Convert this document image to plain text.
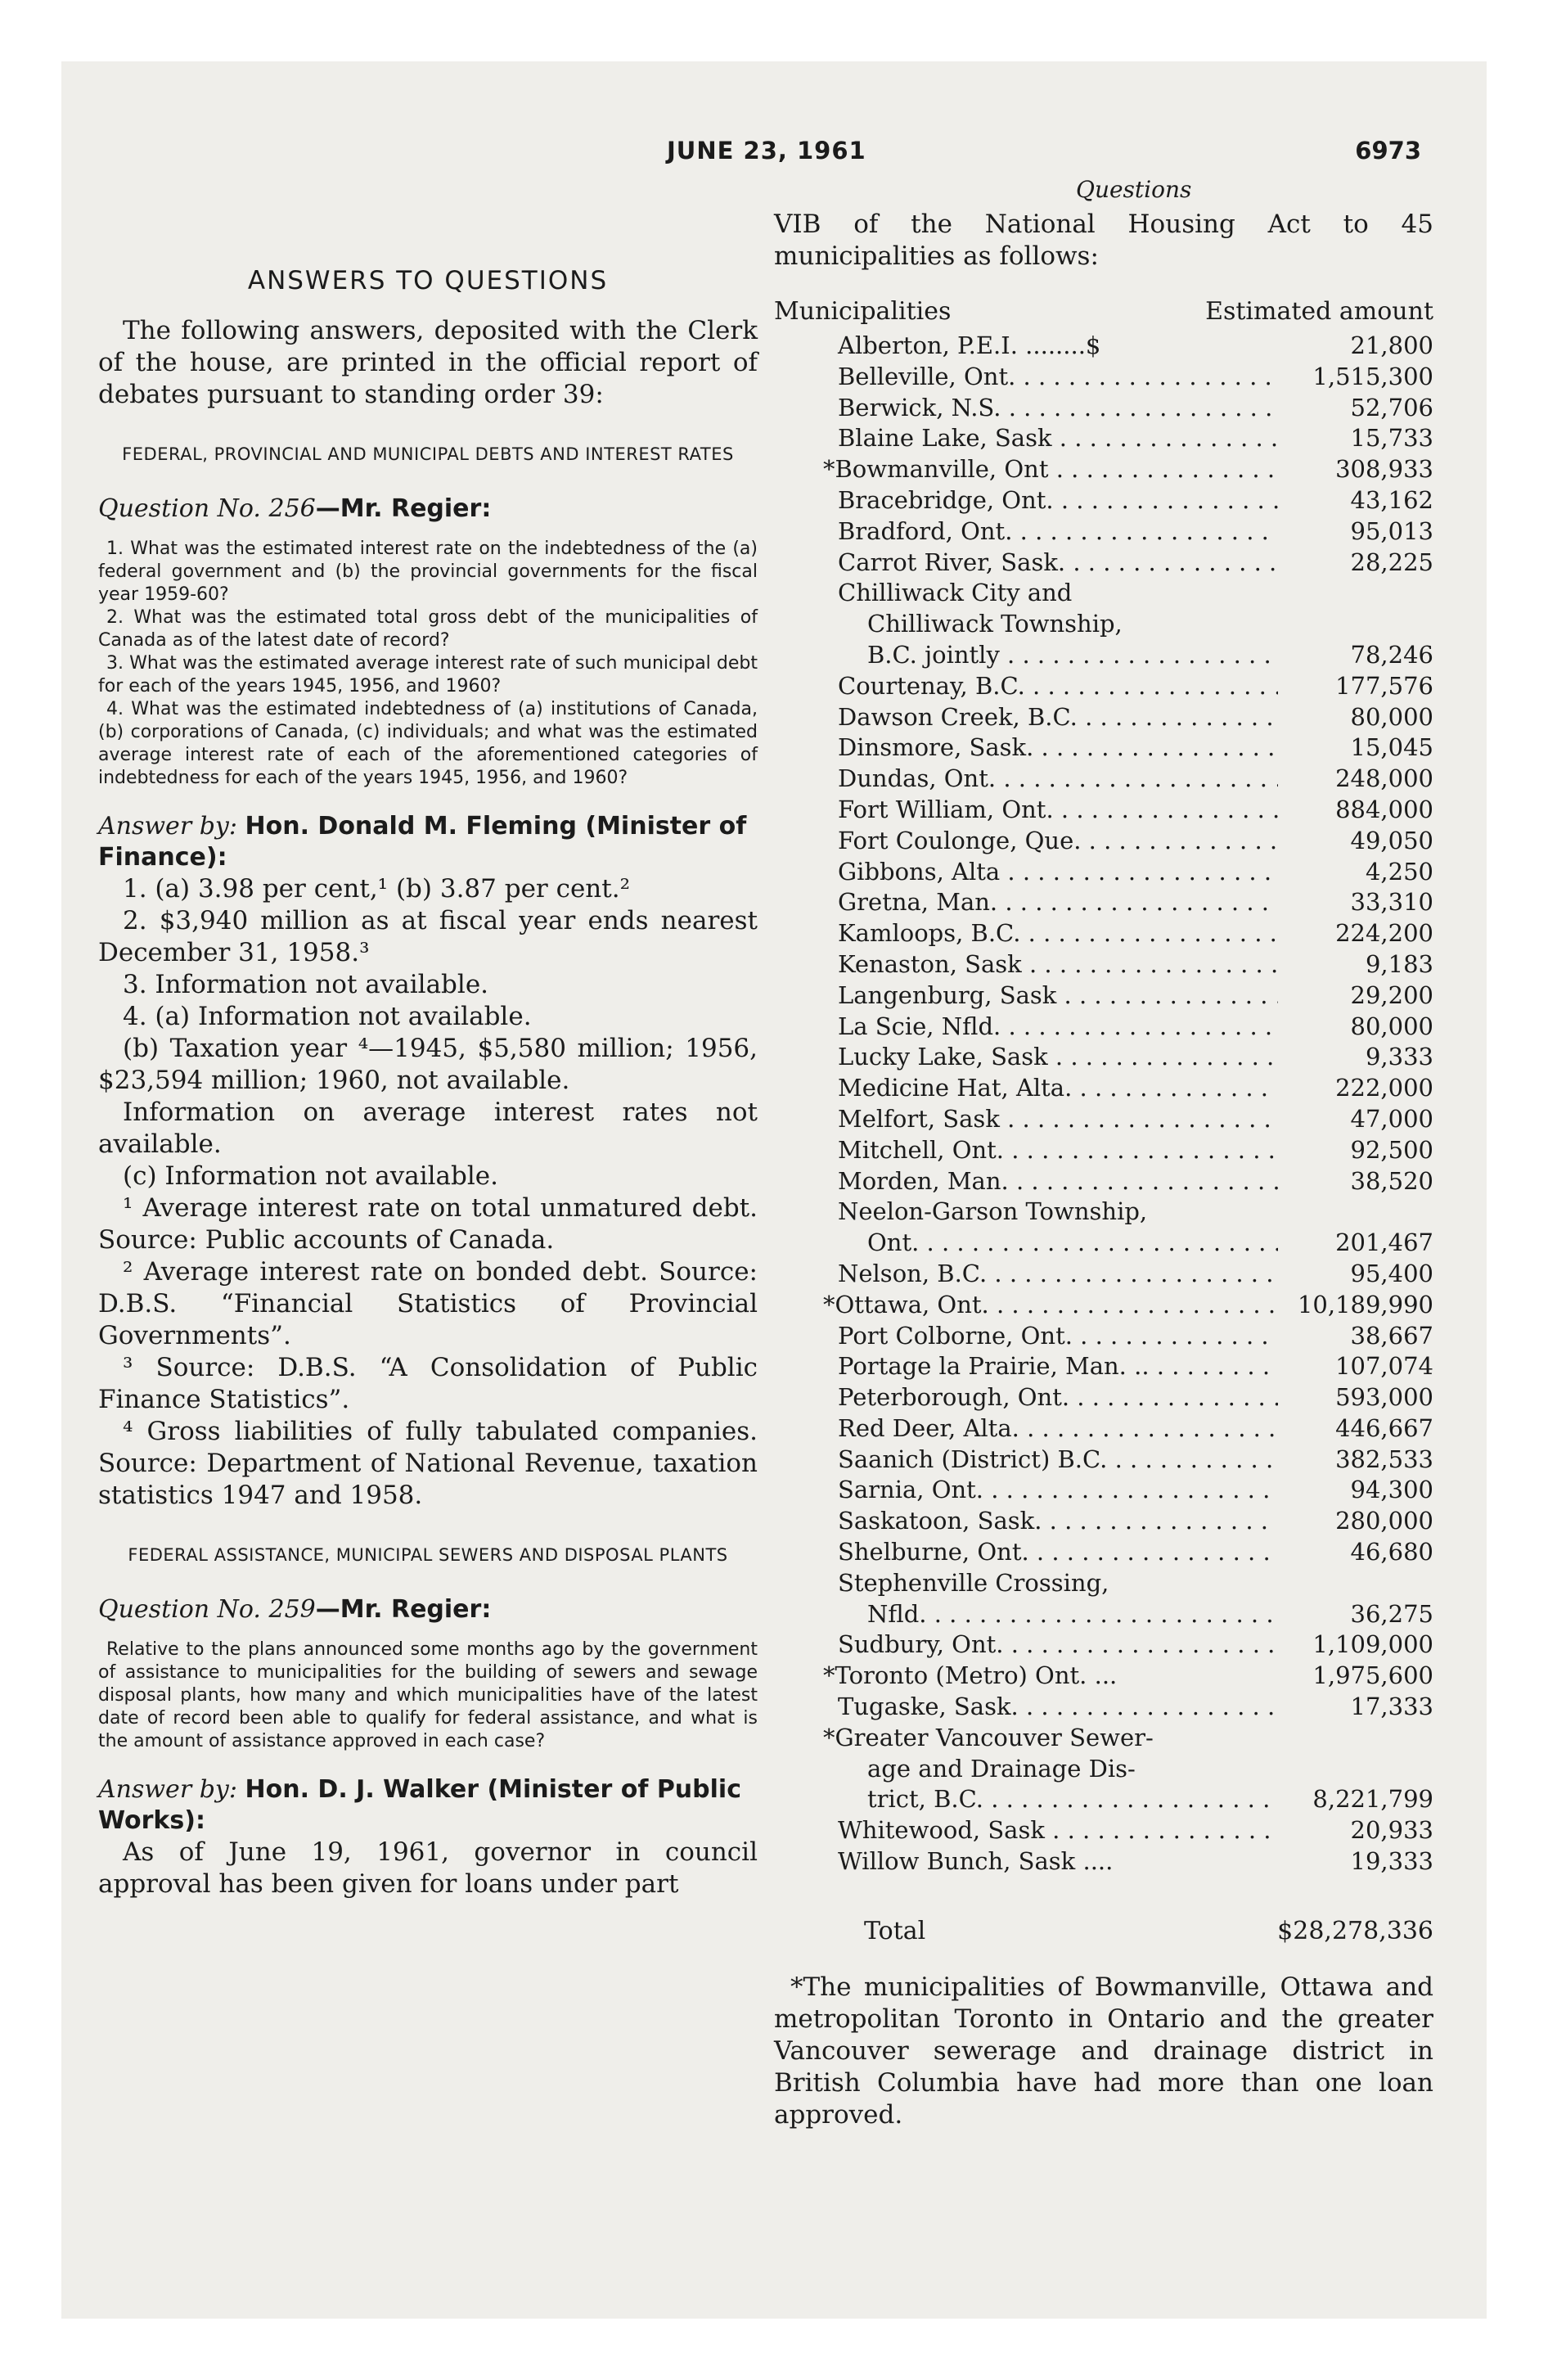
JUNE 23, 1961	6973
Questions
ANSWERS TO QUESTIONS

The following answers, deposited with the Clerk of the house, are printed in the official report of debates pursuant to standing order 39:

FEDERAL, PROVINCIAL AND MUNICIPAL DEBTS AND INTEREST RATES
Question No. 256—Mr. Regier:

1. What was the estimated interest rate on the indebtedness of the (a) federal government and (b) the provincial governments for the fiscal year 1959-60?

2. What was the estimated total gross debt of the municipalities of Canada as of the latest date of record?

3. What was the estimated average interest rate of such municipal debt for each of the years 1945, 1956, and 1960?

4. What was the estimated indebtedness of (a) institutions of Canada, (b) corporations of Canada, (c) individuals; and what was the estimated average interest rate of each of the aforementioned categories of indebtedness for each of the years 1945, 1956, and 1960?

Answer by: Hon. Donald M. Fleming (Minister of Finance):

1. (a) 3.98 per cent,¹ (b) 3.87 per cent.²

2. $3,940 million as at fiscal year ends nearest December 31, 1958.³

3. Information not available.

4. (a) Information not available.

(b) Taxation year ⁴—1945, $5,580 million; 1956, $23,594 million; 1960, not available.

Information on average interest rates not available.

(c) Information not available.

¹ Average interest rate on total unmatured debt. Source: Public accounts of Canada.

² Average interest rate on bonded debt. Source: D.B.S. “Financial Statistics of Provincial Governments”.

³ Source: D.B.S. “A Consolidation of Public Finance Statistics”.

⁴ Gross liabilities of fully tabulated companies. Source: Department of National Revenue, taxation statistics 1947 and 1958.

FEDERAL ASSISTANCE, MUNICIPAL SEWERS AND DISPOSAL PLANTS
Question No. 259—Mr. Regier:

Relative to the plans announced some months ago by the government of assistance to municipalities for the building of sewers and sewage disposal plants, how many and which municipalities have of the latest date of record been able to qualify for federal assistance, and what is the amount of assistance approved in each case?

Answer by: Hon. D. J. Walker (Minister of Public Works):

As of June 19, 1961, governor in council approval has been given for loans under part

VIB of the National Housing Act to 45 municipalities as follows:

Municipalities	Estimated amount
Alberton, P.E.I. ........$	21,800
Belleville, Ont. . . .	1,515,300
Berwick, N.S. . . .	52,706
Blaine Lake, Sask . . .	15,733
*Bowmanville, Ont . . .	308,933
Bracebridge, Ont. . . .	43,162
Bradford, Ont. . . .	95,013
Carrot River, Sask. . . .	28,225
Chilliwack City and
Chilliwack Township,
B.C. jointly . . .	78,246
Courtenay, B.C. . . .	177,576
Dawson Creek, B.C. . . .	80,000
Dinsmore, Sask. . . .	15,045
Dundas, Ont. . . .	248,000
Fort William, Ont. . . .	884,000
Fort Coulonge, Que. . . .	49,050
Gibbons, Alta . . .	4,250
Gretna, Man. . . .	33,310
Kamloops, B.C. . . .	224,200
Kenaston, Sask . . .	9,183
Langenburg, Sask . . .	29,200
La Scie, Nfld. . . .	80,000
Lucky Lake, Sask . . .	9,333
Medicine Hat, Alta. . . .	222,000
Melfort, Sask . . .	47,000
Mitchell, Ont. . . .	92,500
Morden, Man. . . .	38,520
Neelon-Garson Township,
Ont. . . .	201,467
Nelson, B.C. . . .	95,400
*Ottawa, Ont. . . .	10,189,990
Port Colborne, Ont. . . .	38,667
Portage la Prairie, Man. .. . . .	107,074
Peterborough, Ont. . . .	593,000
Red Deer, Alta. . . .	446,667
Saanich (District) B.C. . . .	382,533
Sarnia, Ont. . . .	94,300
Saskatoon, Sask. . . .	280,000
Shelburne, Ont. . . .	46,680
Stephenville Crossing,
Nfld. . . .	36,275
Sudbury, Ont. . . .	1,109,000
*Toronto (Metro) Ont. ...	1,975,600
Tugaske, Sask. . . .	17,333
*Greater Vancouver Sewer-
age and Drainage Dis-
trict, B.C. . . .	8,221,799
Whitewood, Sask . . .	20,933
Willow Bunch, Sask ....	19,333
Total	$28,278,336

*The municipalities of Bowmanville, Ottawa and metropolitan Toronto in Ontario and the greater Vancouver sewerage and drainage district in British Columbia have had more than one loan approved.
